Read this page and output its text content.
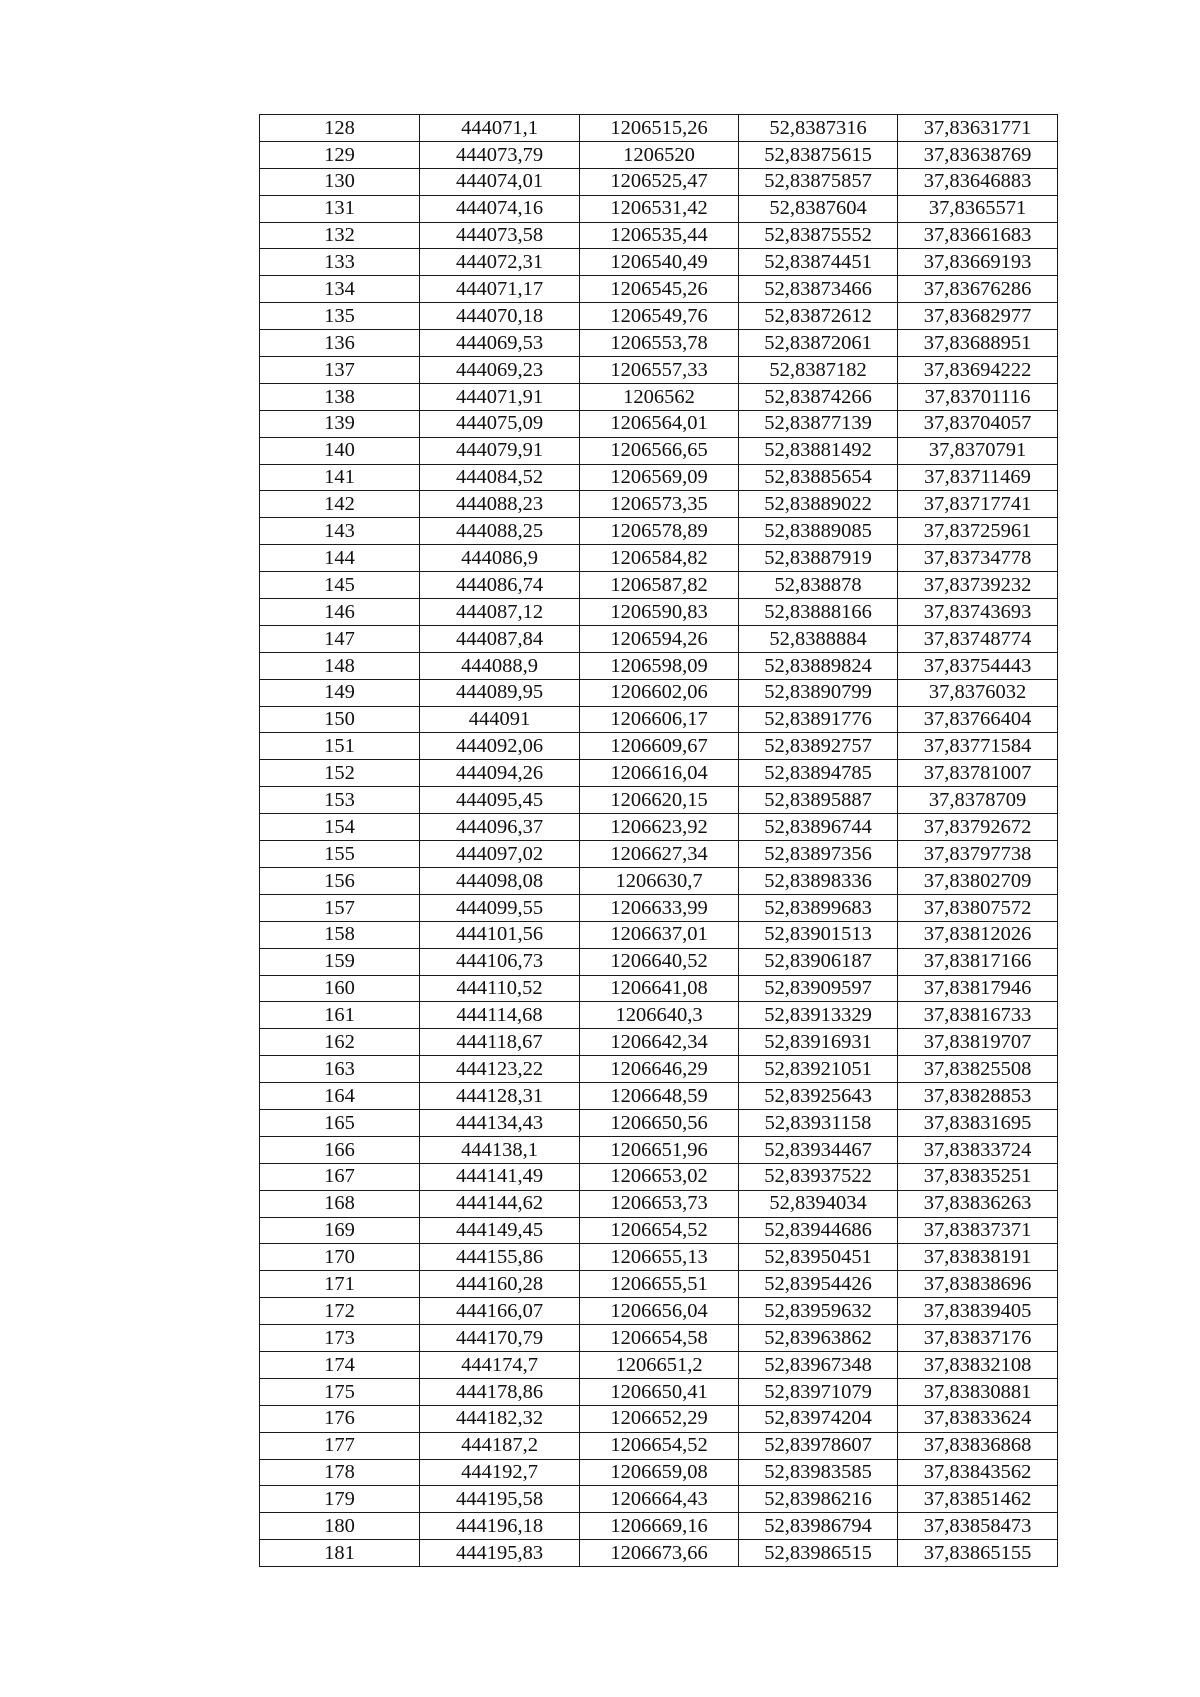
128	444071,1	1206515,26	52,8387316	37,83631771
129	444073,79	1206520	52,83875615	37,83638769
130	444074,01	1206525,47	52,83875857	37,83646883
131	444074,16	1206531,42	52,8387604	37,8365571
132	444073,58	1206535,44	52,83875552	37,83661683
133	444072,31	1206540,49	52,83874451	37,83669193
134	444071,17	1206545,26	52,83873466	37,83676286
135	444070,18	1206549,76	52,83872612	37,83682977
136	444069,53	1206553,78	52,83872061	37,83688951
137	444069,23	1206557,33	52,8387182	37,83694222
138	444071,91	1206562	52,83874266	37,83701116
139	444075,09	1206564,01	52,83877139	37,83704057
140	444079,91	1206566,65	52,83881492	37,8370791
141	444084,52	1206569,09	52,83885654	37,83711469
142	444088,23	1206573,35	52,83889022	37,83717741
143	444088,25	1206578,89	52,83889085	37,83725961
144	444086,9	1206584,82	52,83887919	37,83734778
145	444086,74	1206587,82	52,838878	37,83739232
146	444087,12	1206590,83	52,83888166	37,83743693
147	444087,84	1206594,26	52,8388884	37,83748774
148	444088,9	1206598,09	52,83889824	37,83754443
149	444089,95	1206602,06	52,83890799	37,8376032
150	444091	1206606,17	52,83891776	37,83766404
151	444092,06	1206609,67	52,83892757	37,83771584
152	444094,26	1206616,04	52,83894785	37,83781007
153	444095,45	1206620,15	52,83895887	37,8378709
154	444096,37	1206623,92	52,83896744	37,83792672
155	444097,02	1206627,34	52,83897356	37,83797738
156	444098,08	1206630,7	52,83898336	37,83802709
157	444099,55	1206633,99	52,83899683	37,83807572
158	444101,56	1206637,01	52,83901513	37,83812026
159	444106,73	1206640,52	52,83906187	37,83817166
160	444110,52	1206641,08	52,83909597	37,83817946
161	444114,68	1206640,3	52,83913329	37,83816733
162	444118,67	1206642,34	52,83916931	37,83819707
163	444123,22	1206646,29	52,83921051	37,83825508
164	444128,31	1206648,59	52,83925643	37,83828853
165	444134,43	1206650,56	52,83931158	37,83831695
166	444138,1	1206651,96	52,83934467	37,83833724
167	444141,49	1206653,02	52,83937522	37,83835251
168	444144,62	1206653,73	52,8394034	37,83836263
169	444149,45	1206654,52	52,83944686	37,83837371
170	444155,86	1206655,13	52,83950451	37,83838191
171	444160,28	1206655,51	52,83954426	37,83838696
172	444166,07	1206656,04	52,83959632	37,83839405
173	444170,79	1206654,58	52,83963862	37,83837176
174	444174,7	1206651,2	52,83967348	37,83832108
175	444178,86	1206650,41	52,83971079	37,83830881
176	444182,32	1206652,29	52,83974204	37,83833624
177	444187,2	1206654,52	52,83978607	37,83836868
178	444192,7	1206659,08	52,83983585	37,83843562
179	444195,58	1206664,43	52,83986216	37,83851462
180	444196,18	1206669,16	52,83986794	37,83858473
181	444195,83	1206673,66	52,83986515	37,83865155
